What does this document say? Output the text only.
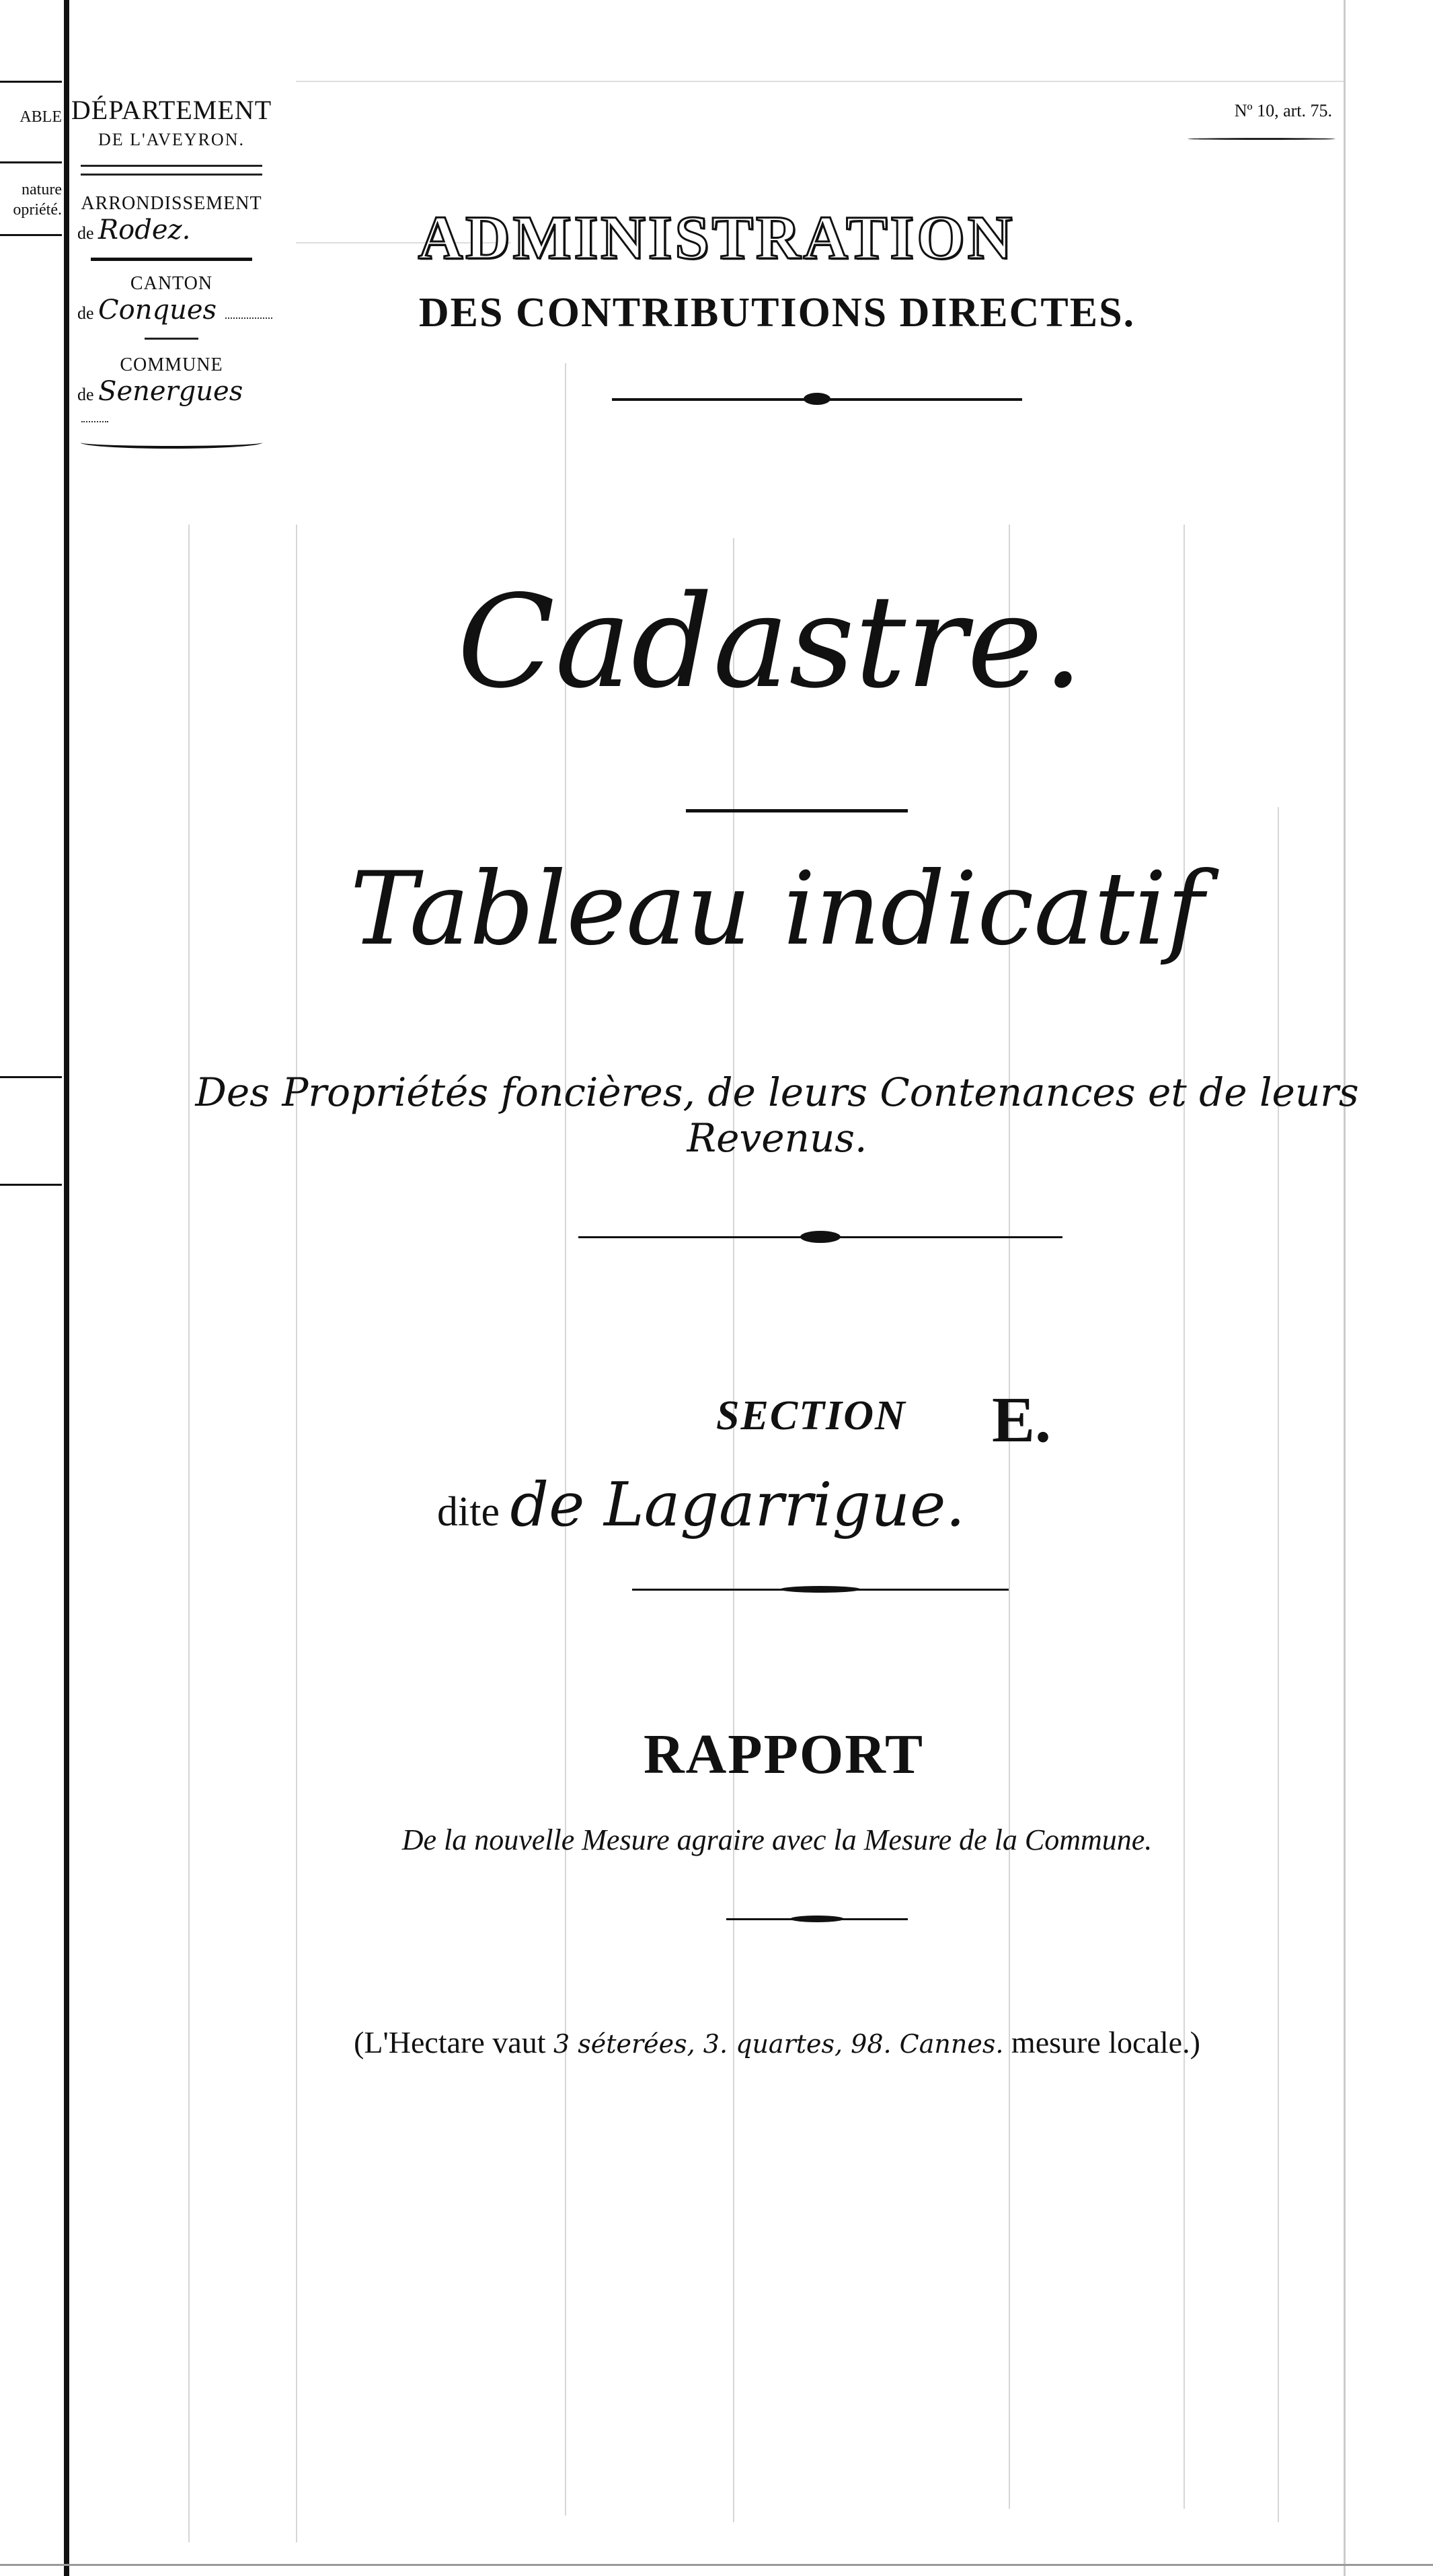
ABLE
nature
opriété.
DÉPARTEMENT
DE L'AVEYRON.
ARRONDISSEMENT
de Rodez.
CANTON
de Conques
COMMUNE
de Senergues
Nº 10, art. 75.
ADMINISTRATION
DES CONTRIBUTIONS DIRECTES.
Cadastre.
Tableau indicatif
Des Propriétés foncières, de leurs Contenances et de leurs Revenus.
SECTION E.
dite de Lagarrigue.
RAPPORT
De la nouvelle Mesure agraire avec la Mesure de la Commune.
(L'Hectare vaut 3 séterées, 3. quartes, 98. Cannes. mesure locale.)
